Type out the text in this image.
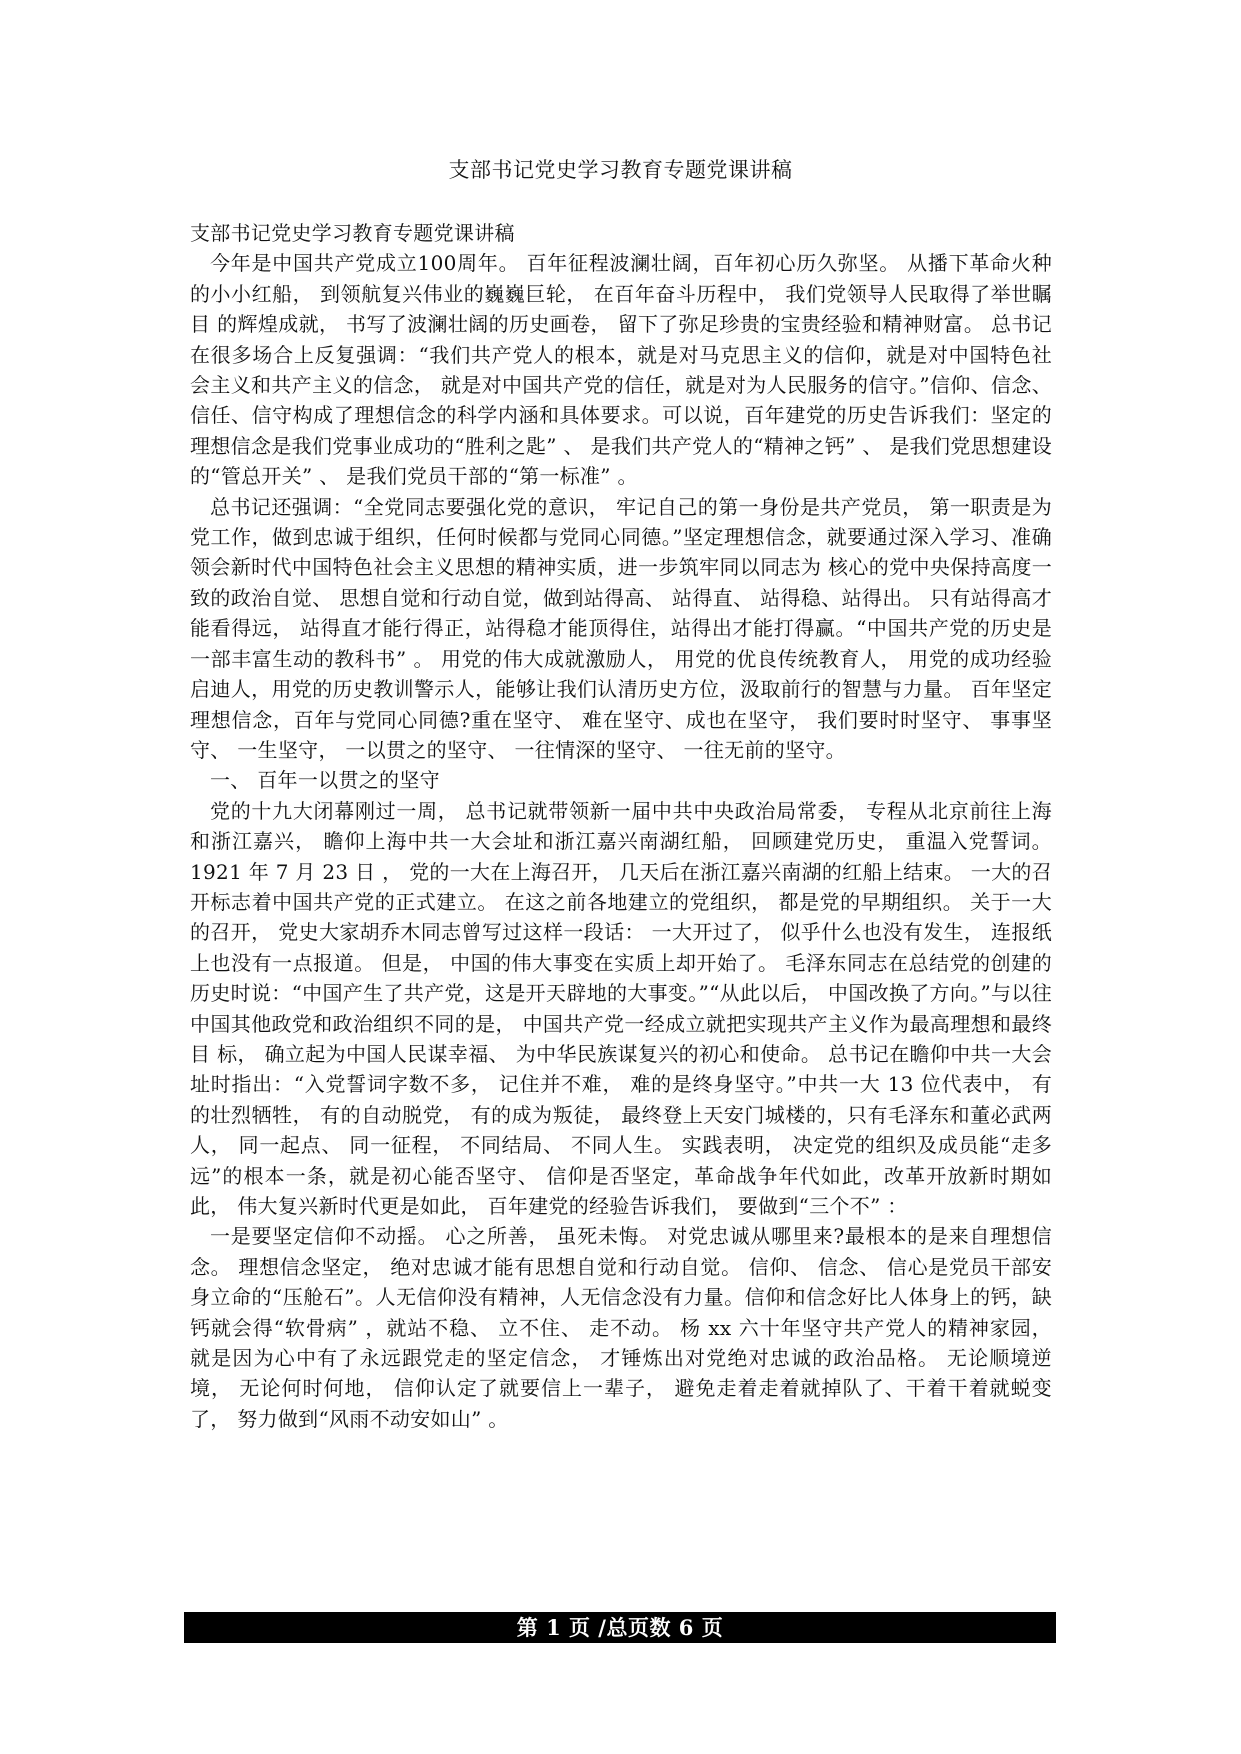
支部书记党史学习教育专题党课讲稿

支部书记党史学习教育专题党课讲稿

今年是中国共产党成立100周年。 百年征程波澜壮阔，百年初心历久弥坚。 从播下革命火种的小小红船， 到领航复兴伟业的巍巍巨轮， 在百年奋斗历程中， 我们党领导人民取得了举世瞩目 的辉煌成就， 书写了波澜壮阔的历史画卷， 留下了弥足珍贵的宝贵经验和精神财富。 总书记在很多场合上反复强调：“我们共产党人的根本，就是对马克思主义的信仰，就是对中国特色社会主义和共产主义的信念， 就是对中国共产党的信任，就是对为人民服务的信守。”信仰、信念、信任、信守构成了理想信念的科学内涵和具体要求。可以说，百年建党的历史告诉我们：坚定的理想信念是我们党事业成功的“胜利之匙” 、 是我们共产党人的“精神之钙” 、 是我们党思想建设的“管总开关” 、 是我们党员干部的“第一标准” 。

总书记还强调：“全党同志要强化党的意识， 牢记自己的第一身份是共产党员， 第一职责是为党工作，做到忠诚于组织，任何时候都与党同心同德。”坚定理想信念，就要通过深入学习、准确领会新时代中国特色社会主义思想的精神实质，进一步筑牢同以同志为 核心的党中央保持高度一致的政治自觉、 思想自觉和行动自觉，做到站得高、 站得直、 站得稳、站得出。 只有站得高才能看得远， 站得直才能行得正，站得稳才能顶得住，站得出才能打得赢。“中国共产党的历史是一部丰富生动的教科书” 。 用党的伟大成就激励人， 用党的优良传统教育人， 用党的成功经验启迪人，用党的历史教训警示人，能够让我们认清历史方位，汲取前行的智慧与力量。 百年坚定理想信念，百年与党同心同德?重在坚守、 难在坚守、成也在坚守， 我们要时时坚守、 事事坚守、 一生坚守， 一以贯之的坚守、 一往情深的坚守、 一往无前的坚守。

一、 百年一以贯之的坚守

党的十九大闭幕刚过一周， 总书记就带领新一届中共中央政治局常委， 专程从北京前往上海和浙江嘉兴， 瞻仰上海中共一大会址和浙江嘉兴南湖红船， 回顾建党历史， 重温入党誓词。1921 年 7 月 23 日 ， 党的一大在上海召开， 几天后在浙江嘉兴南湖的红船上结束。 一大的召开标志着中国共产党的正式建立。 在这之前各地建立的党组织， 都是党的早期组织。 关于一大的召开， 党史大家胡乔木同志曾写过这样一段话： 一大开过了， 似乎什么也没有发生， 连报纸上也没有一点报道。 但是， 中国的伟大事变在实质上却开始了。 毛泽东同志在总结党的创建的历史时说：“中国产生了共产党，这是开天辟地的大事变。”“从此以后， 中国改换了方向。”与以往中国其他政党和政治组织不同的是， 中国共产党一经成立就把实现共产主义作为最高理想和最终目 标， 确立起为中国人民谋幸福、 为中华民族谋复兴的初心和使命。 总书记在瞻仰中共一大会址时指出：“入党誓词字数不多， 记住并不难， 难的是终身坚守。”中共一大 13 位代表中， 有的壮烈牺牲， 有的自动脱党， 有的成为叛徒， 最终登上天安门城楼的，只有毛泽东和董必武两人， 同一起点、 同一征程， 不同结局、 不同人生。 实践表明， 决定党的组织及成员能“走多远”的根本一条，就是初心能否坚守、 信仰是否坚定，革命战争年代如此，改革开放新时期如此， 伟大复兴新时代更是如此， 百年建党的经验告诉我们， 要做到“三个不” ：

一是要坚定信仰不动摇。 心之所善， 虽死未悔。 对党忠诚从哪里来?最根本的是来自理想信念。 理想信念坚定， 绝对忠诚才能有思想自觉和行动自觉。 信仰、 信念、 信心是党员干部安身立命的“压舱石”。人无信仰没有精神，人无信念没有力量。信仰和信念好比人体身上的钙，缺钙就会得“软骨病” ，就站不稳、 立不住、 走不动。 杨 xx 六十年坚守共产党人的精神家园， 就是因为心中有了永远跟党走的坚定信念， 才锤炼出对党绝对忠诚的政治品格。 无论顺境逆境， 无论何时何地， 信仰认定了就要信上一辈子， 避免走着走着就掉队了、干着干着就蜕变了， 努力做到“风雨不动安如山” 。

第 1 页 /总页数 6 页
